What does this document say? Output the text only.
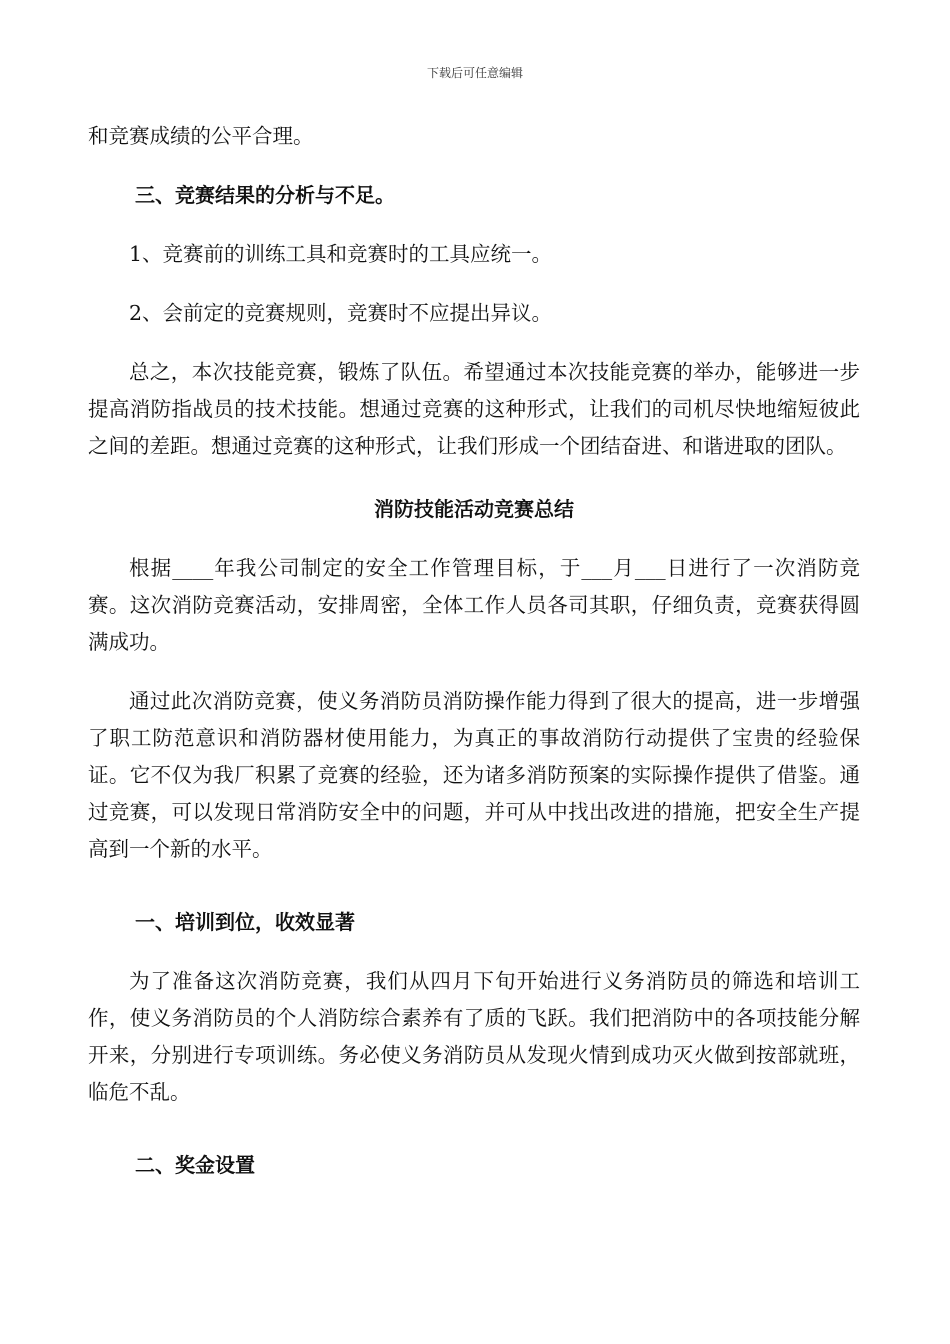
下载后可任意编辑

和竞赛成绩的公平合理。

三、竞赛结果的分析与不足。

1、竞赛前的训练工具和竞赛时的工具应统一。

2、会前定的竞赛规则，竞赛时不应提出异议。

总之，本次技能竞赛，锻炼了队伍。希望通过本次技能竞赛的举办，能够进一步提高消防指战员的技术技能。想通过竞赛的这种形式，让我们的司机尽快地缩短彼此之间的差距。想通过竞赛的这种形式，让我们形成一个团结奋进、和谐进取的团队。

消防技能活动竞赛总结

根据____年我公司制定的安全工作管理目标，于___月___日进行了一次消防竞赛。这次消防竞赛活动，安排周密，全体工作人员各司其职，仔细负责，竞赛获得圆满成功。

通过此次消防竞赛，使义务消防员消防操作能力得到了很大的提高，进一步增强了职工防范意识和消防器材使用能力，为真正的事故消防行动提供了宝贵的经验保证。它不仅为我厂积累了竞赛的经验，还为诸多消防预案的实际操作提供了借鉴。通过竞赛，可以发现日常消防安全中的问题，并可从中找出改进的措施，把安全生产提高到一个新的水平。

一、培训到位，收效显著

为了准备这次消防竞赛，我们从四月下旬开始进行义务消防员的筛选和培训工作，使义务消防员的个人消防综合素养有了质的飞跃。我们把消防中的各项技能分解开来，分别进行专项训练。务必使义务消防员从发现火情到成功灭火做到按部就班，临危不乱。

二、奖金设置
